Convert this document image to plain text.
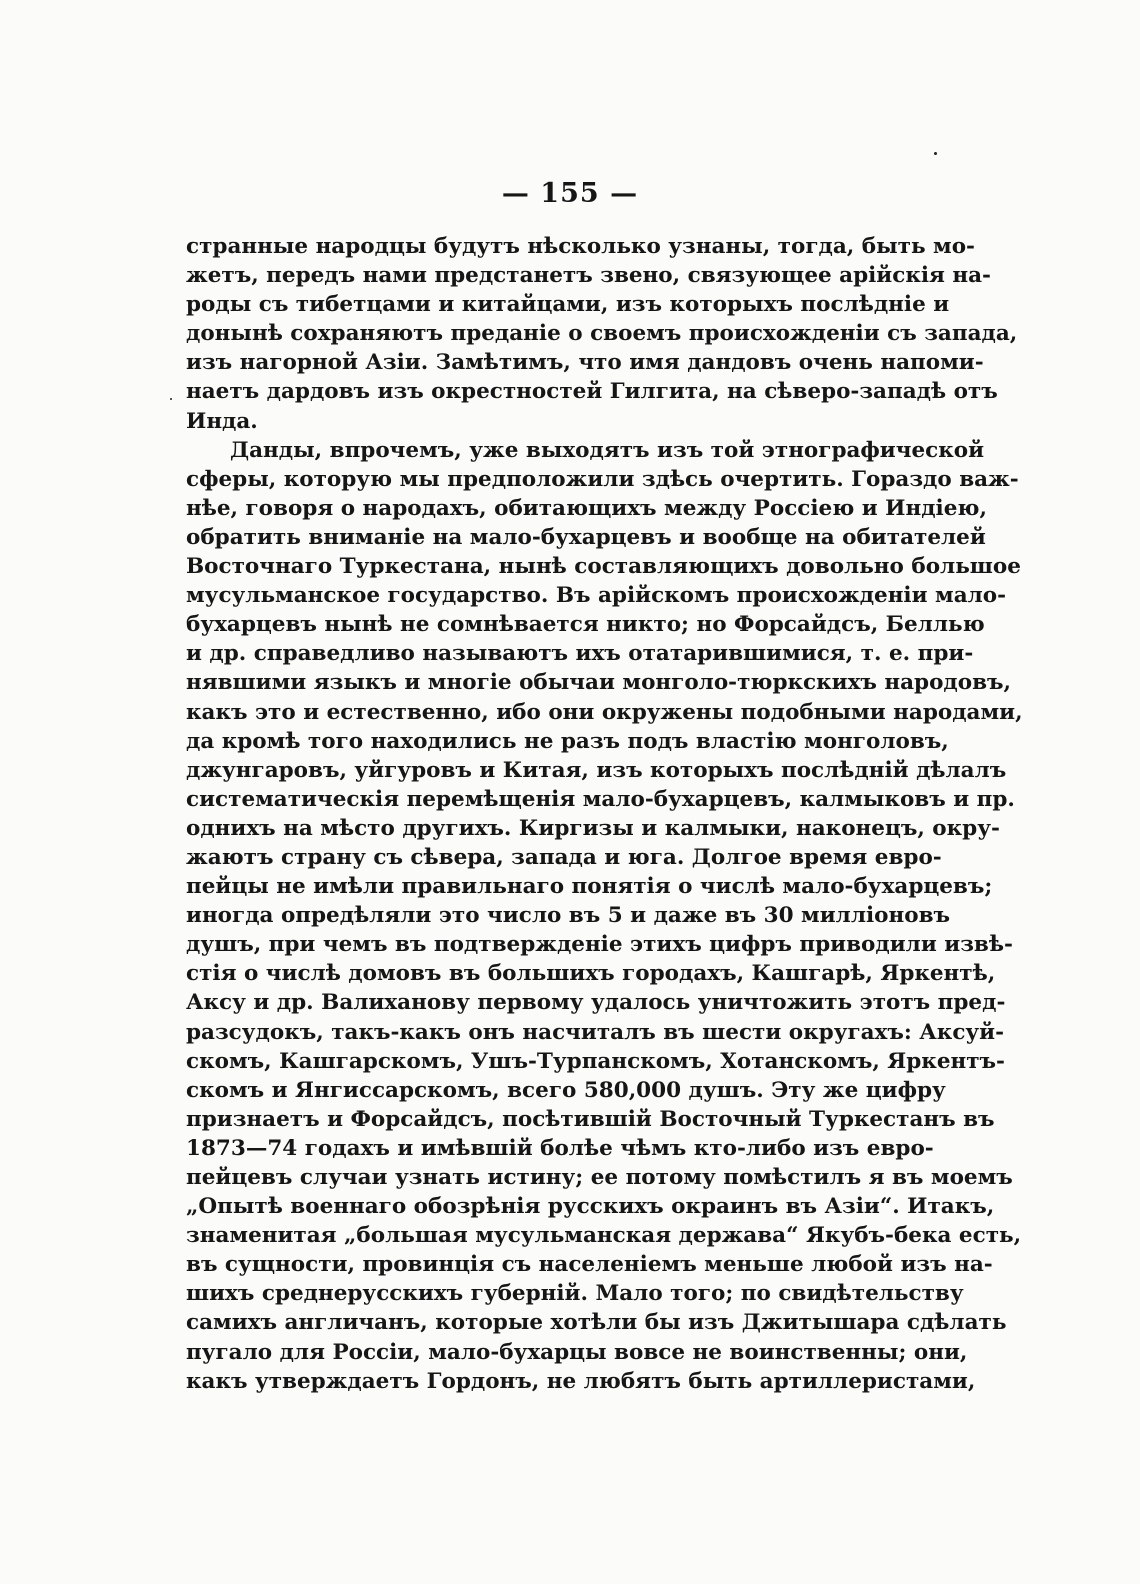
— 155 —
странные народцы будутъ нѣсколько узнаны, тогда, быть мо-
жетъ, передъ нами предстанетъ звено, связующее арійскія на-
роды съ тибетцами и китайцами, изъ которыхъ послѣдніе и
донынѣ сохраняютъ преданіе о своемъ происхожденіи съ запада,
изъ нагорной Азіи. Замѣтимъ, что имя дандовъ очень напоми-
наетъ дардовъ изъ окрестностей Гилгита, на сѣверо-западѣ отъ
Инда.
Данды, впрочемъ, уже выходятъ изъ той этнографической
сферы, которую мы предположили здѣсь очертить. Гораздо важ-
нѣе, говоря о народахъ, обитающихъ между Россіею и Индіею,
обратить вниманіе на мало-бухарцевъ и вообще на обитателей
Восточнаго Туркестана, нынѣ составляющихъ довольно большое
мусульманское государство. Въ арійскомъ происхожденіи мало-
бухарцевъ нынѣ не сомнѣвается никто; но Форсайдсъ, Беллью
и др. справедливо называютъ ихъ отатарившимися, т. е. при-
нявшими языкъ и многіе обычаи монголо-тюркскихъ народовъ,
какъ это и естественно, ибо они окружены подобными народами,
да кромѣ того находились не разъ подъ властію монголовъ,
джунгаровъ, уйгуровъ и Китая, изъ которыхъ послѣдній дѣлалъ
систематическія перемѣщенія мало-бухарцевъ, калмыковъ и пр.
однихъ на мѣсто другихъ. Киргизы и калмыки, наконецъ, окру-
жаютъ страну съ сѣвера, запада и юга. Долгое время евро-
пейцы не имѣли правильнаго понятія о числѣ мало-бухарцевъ;
иногда опредѣляли это число въ 5 и даже въ 30 милліоновъ
душъ, при чемъ въ подтвержденіе этихъ цифръ приводили извѣ-
стія о числѣ домовъ въ большихъ городахъ, Кашгарѣ, Яркентѣ,
Аксу и др. Валиханову первому удалось уничтожить этотъ пред-
разсудокъ, такъ-какъ онъ насчиталъ въ шести округахъ: Аксуй-
скомъ, Кашгарскомъ, Ушъ-Турпанскомъ, Хотанскомъ, Яркентъ-
скомъ и Янгиссарскомъ, всего 580,000 душъ. Эту же цифру
признаетъ и Форсайдсъ, посѣтившій Восточный Туркестанъ въ
1873—74 годахъ и имѣвшій болѣе чѣмъ кто-либо изъ евро-
пейцевъ случаи узнать истину; ее потому помѣстилъ я въ моемъ
„Опытѣ военнаго обозрѣнія русскихъ окраинъ въ Азіи“. Итакъ,
знаменитая „большая мусульманская держава“ Якубъ-бека есть,
въ сущности, провинція съ населеніемъ меньше любой изъ на-
шихъ среднерусскихъ губерній. Мало того; по свидѣтельству
самихъ англичанъ, которые хотѣли бы изъ Джитышара сдѣлать
пугало для Россіи, мало-бухарцы вовсе не воинственны; они,
какъ утверждаетъ Гордонъ, не любятъ быть артиллеристами,
